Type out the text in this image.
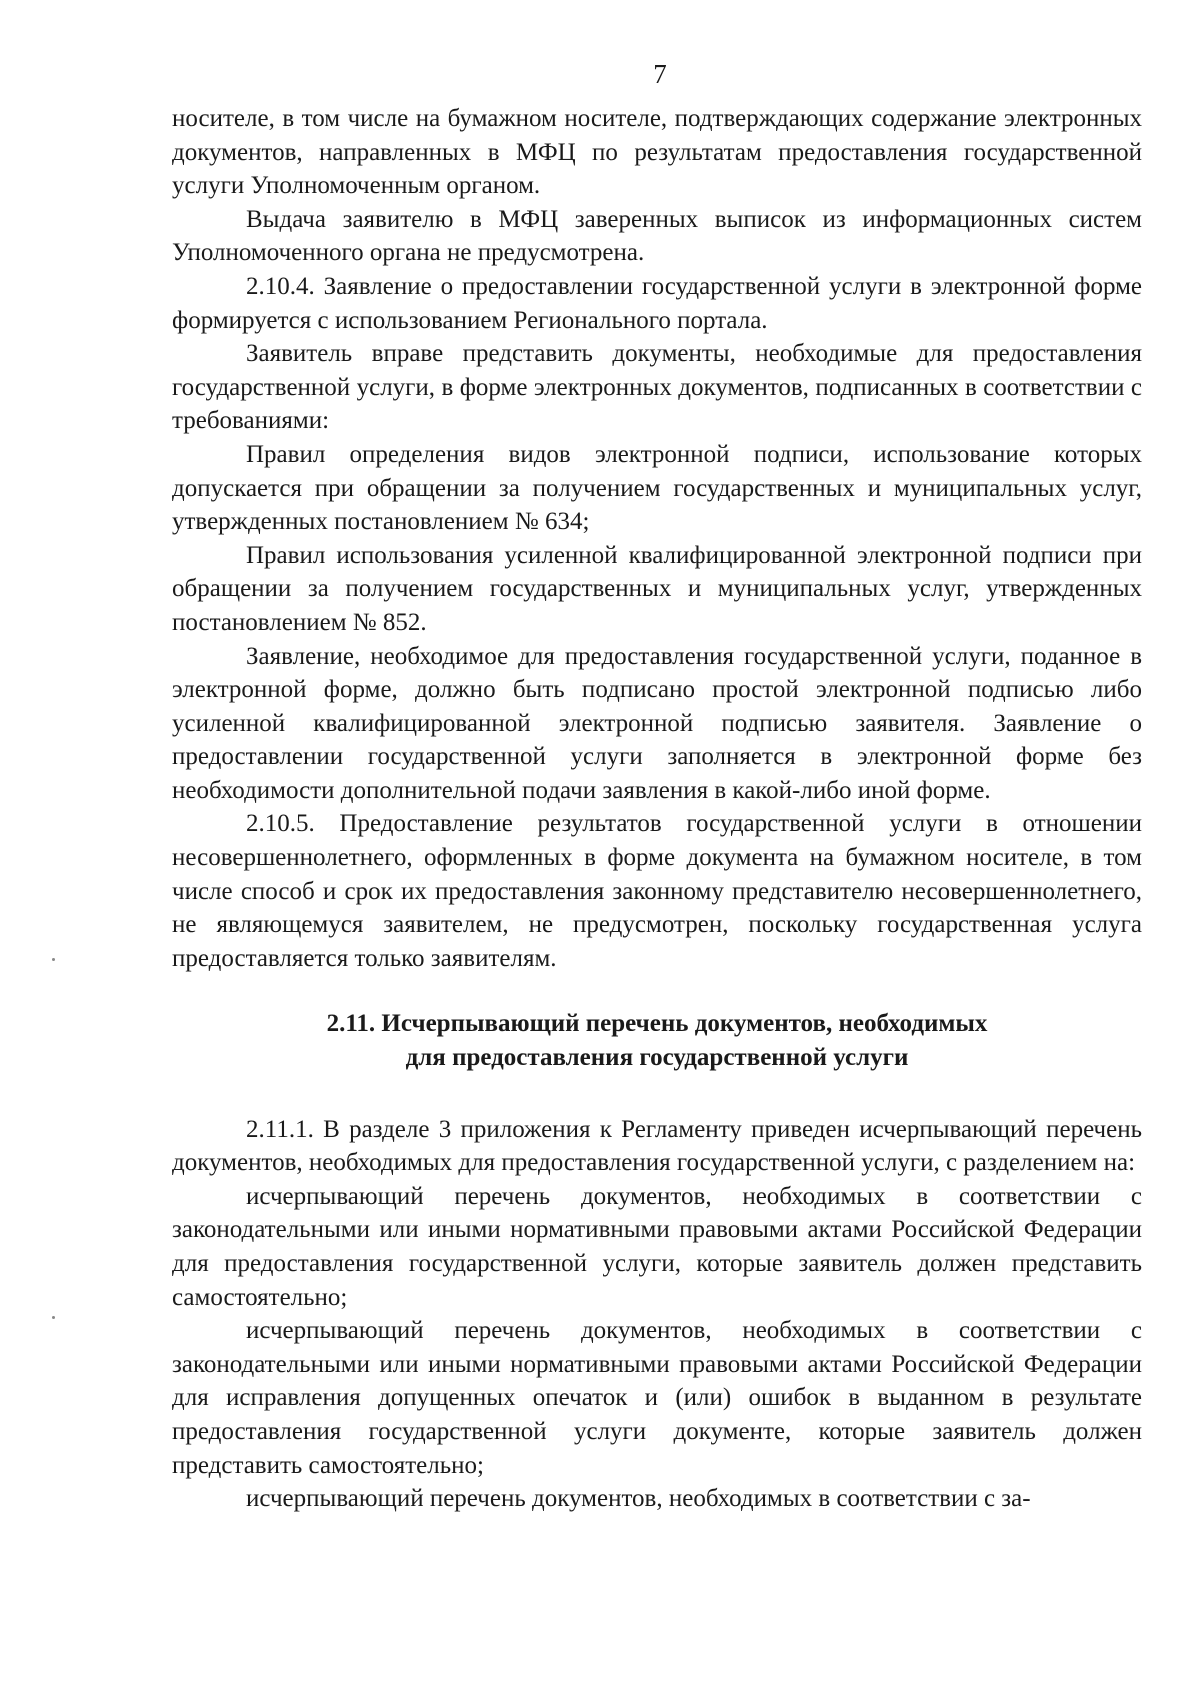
7

носителе, в том числе на бумажном носителе, подтверждающих содержание электронных документов, направленных в МФЦ по результатам предоставления государственной услуги Уполномоченным органом.

Выдача заявителю в МФЦ заверенных выписок из информационных систем Уполномоченного органа не предусмотрена.

2.10.4. Заявление о предоставлении государственной услуги в электронной форме формируется с использованием Регионального портала.

Заявитель вправе представить документы, необходимые для предоставления государственной услуги, в форме электронных документов, подписанных в соответствии с требованиями:

Правил определения видов электронной подписи, использование которых допускается при обращении за получением государственных и муниципальных услуг, утвержденных постановлением № 634;

Правил использования усиленной квалифицированной электронной подписи при обращении за получением государственных и муниципальных услуг, утвержденных постановлением № 852.

Заявление, необходимое для предоставления государственной услуги, поданное в электронной форме, должно быть подписано простой электронной подписью либо усиленной квалифицированной электронной подписью заявителя. Заявление о предоставлении государственной услуги заполняется в электронной форме без необходимости дополнительной подачи заявления в какой-либо иной форме.

2.10.5. Предоставление результатов государственной услуги в отношении несовершеннолетнего, оформленных в форме документа на бумажном носителе, в том числе способ и срок их предоставления законному представителю несовершеннолетнего, не являющемуся заявителем, не предусмотрен, поскольку государственная услуга предоставляется только заявителям.

2.11. Исчерпывающий перечень документов, необходимых
для предоставления государственной услуги

2.11.1. В разделе 3 приложения к Регламенту приведен исчерпывающий перечень документов, необходимых для предоставления государственной услуги, с разделением на:

исчерпывающий перечень документов, необходимых в соответствии с законодательными или иными нормативными правовыми актами Российской Федерации для предоставления государственной услуги, которые заявитель должен представить самостоятельно;

исчерпывающий перечень документов, необходимых в соответствии с законодательными или иными нормативными правовыми актами Российской Федерации для исправления допущенных опечаток и (или) ошибок в выданном в результате предоставления государственной услуги документе, которые заявитель должен представить самостоятельно;

исчерпывающий перечень документов, необходимых в соответствии с за-
